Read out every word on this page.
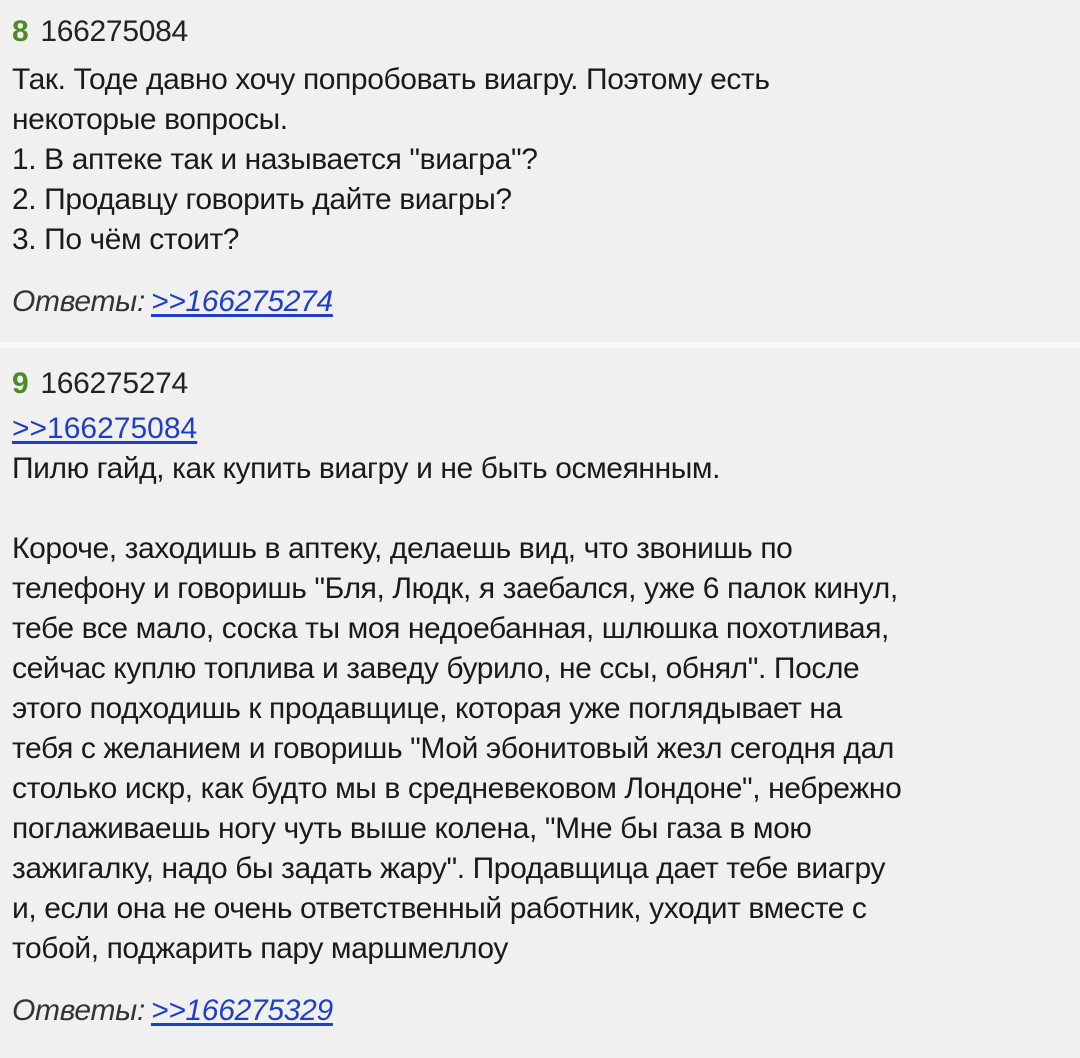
8 166275084

Так. Тоде давно хочу попробовать виагру. Поэтому есть
некоторые вопросы.
1. В аптеке так и называется "виагра"?
2. Продавцу говорить дайте виагры?
3. По чём стоит?

Ответы: >>166275274
9 166275274
>>166275084

Пилю гайд, как купить виагру и не быть осмеянным.

Короче, заходишь в аптеку, делаешь вид, что звонишь по
телефону и говоришь "Бля, Людк, я заебался, уже 6 палок кинул,
тебе все мало, соска ты моя недоебанная, шлюшка похотливая,
сейчас куплю топлива и заведу бурило, не ссы, обнял". После
этого подходишь к продавщице, которая уже поглядывает на
тебя с желанием и говоришь "Мой эбонитовый жезл сегодня дал
столько искр, как будто мы в средневековом Лондоне", небрежно
поглаживаешь ногу чуть выше колена, "Мне бы газа в мою
зажигалку, надо бы задать жару". Продавщица дает тебе виагру
и, если она не очень ответственный работник, уходит вместе с
тобой, поджарить пару маршмеллоу

Ответы: >>166275329
